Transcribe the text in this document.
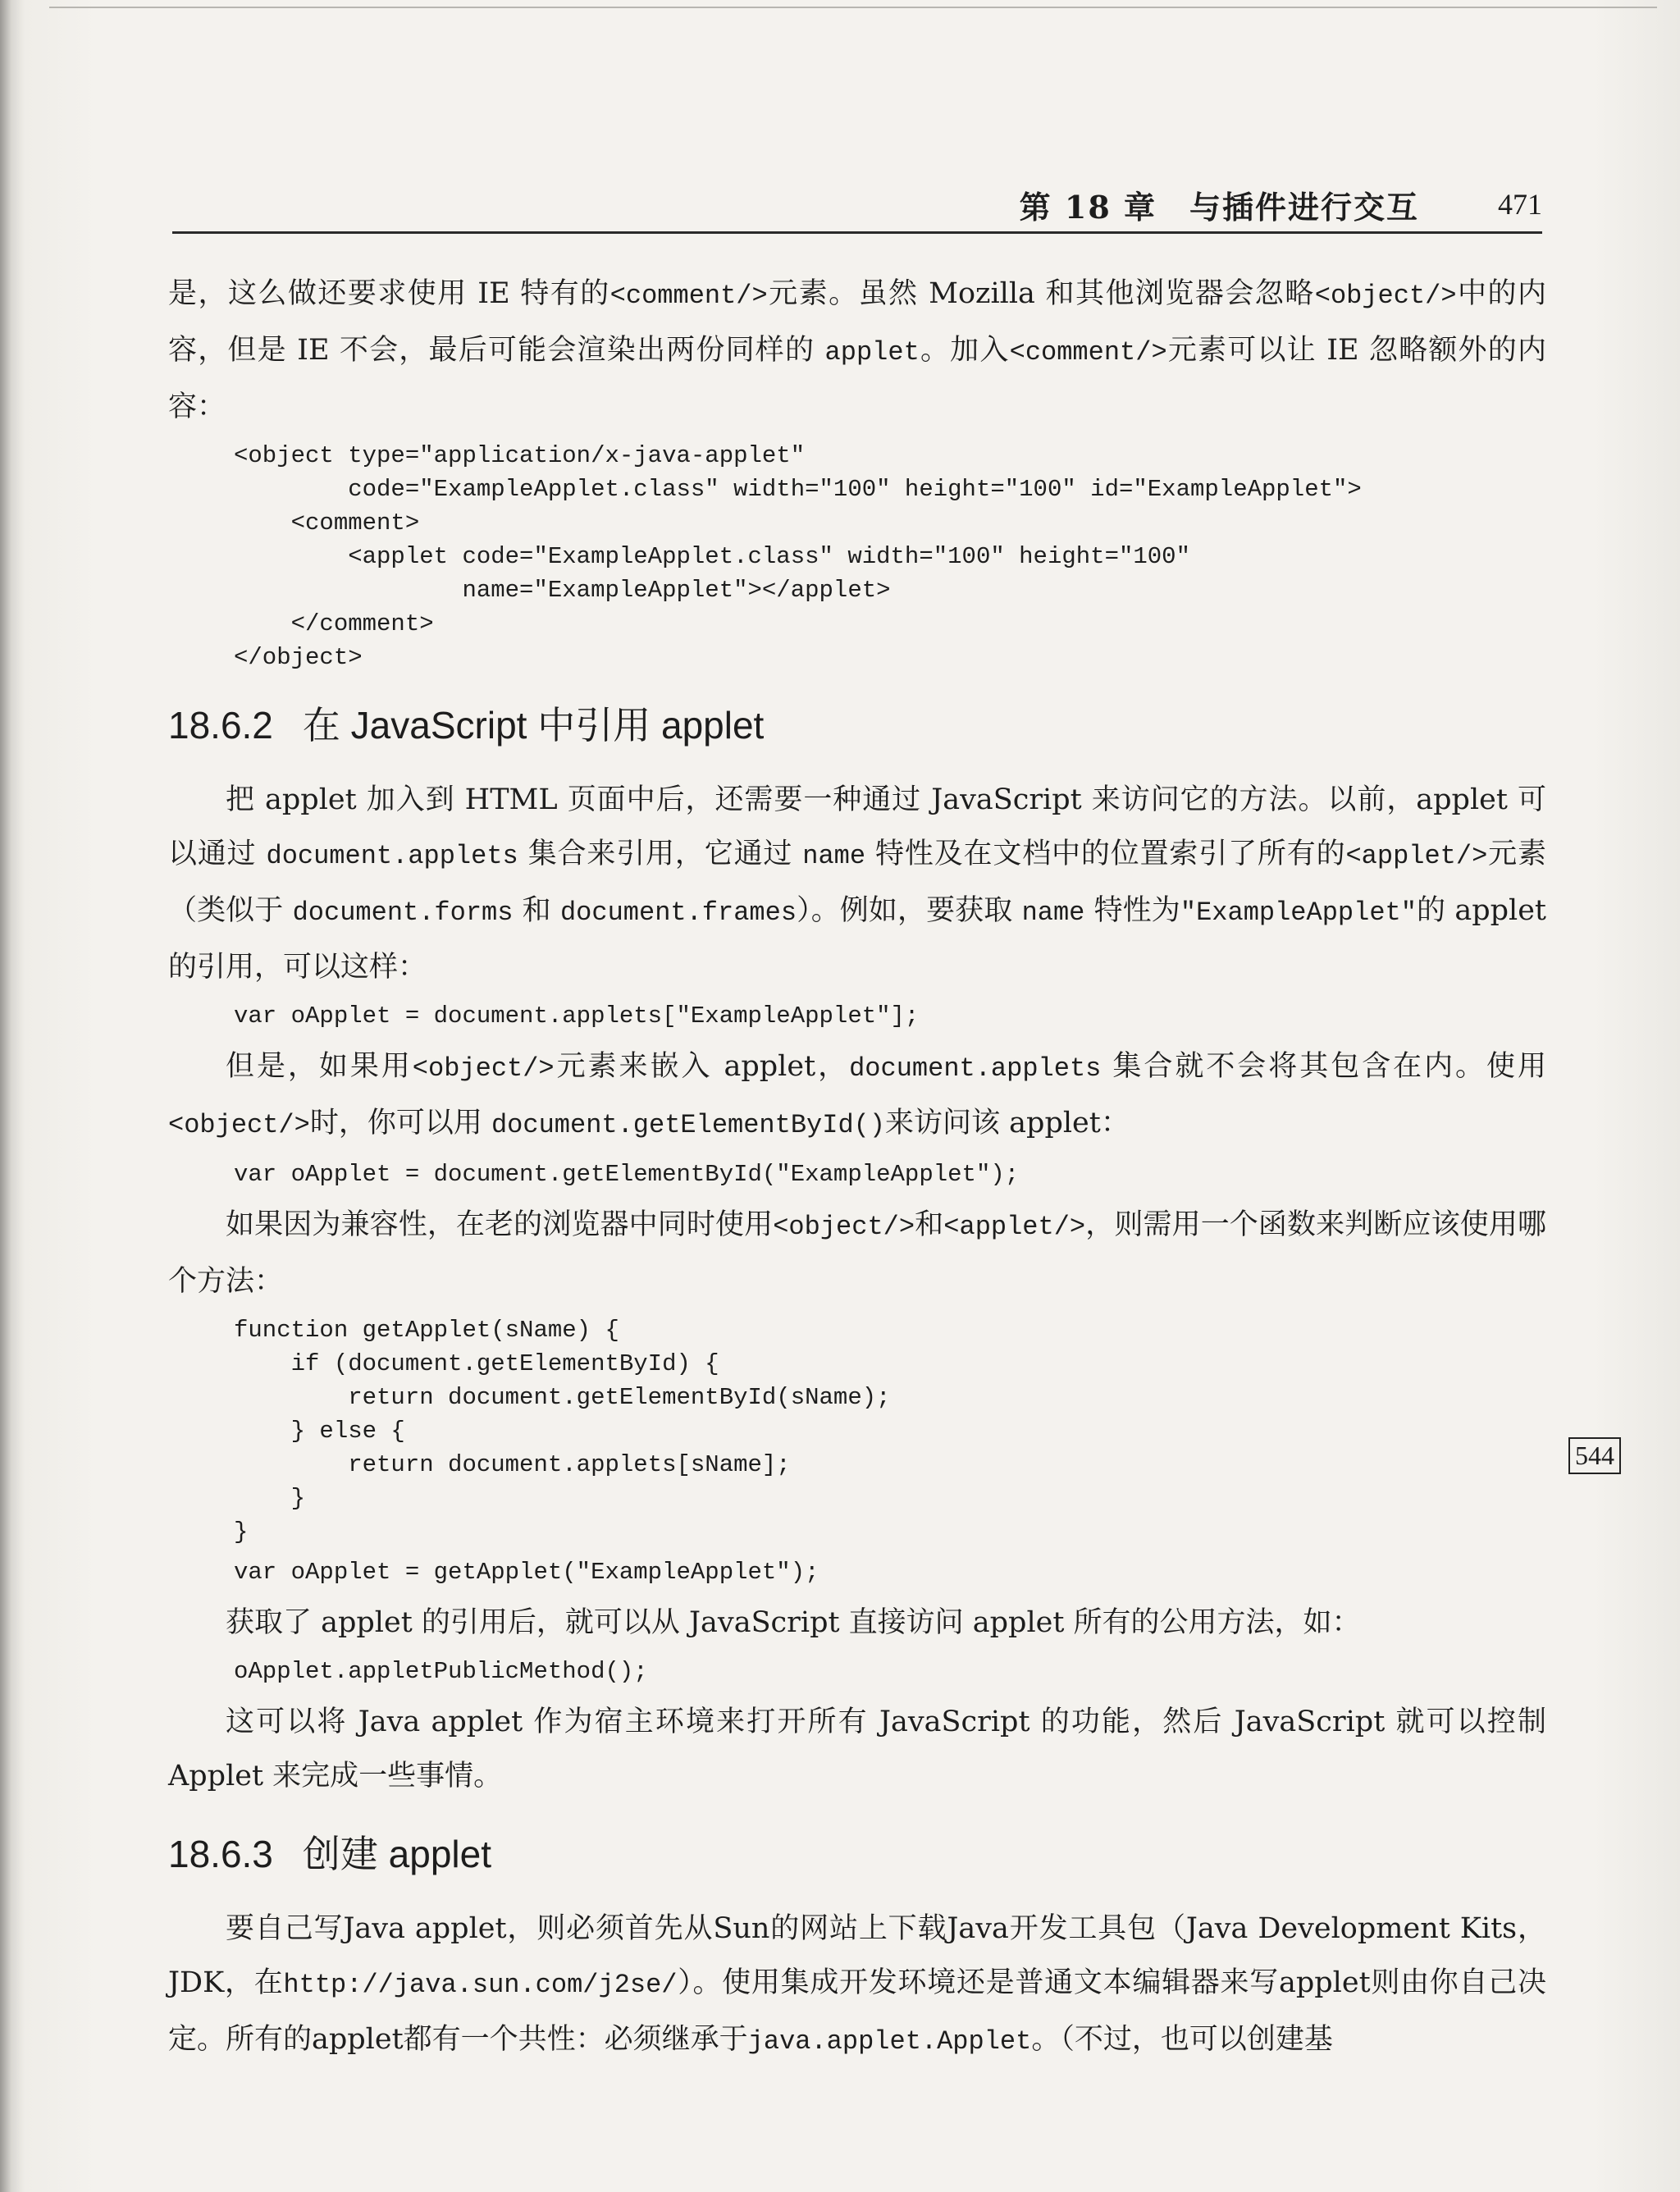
第 18 章　与插件进行交互	471
544

是，这么做还要求使用 IE 特有的<comment/>元素。虽然 Mozilla 和其他浏览器会忽略<object/>中的内容，但是 IE 不会，最后可能会渲染出两份同样的 applet。加入<comment/>元素可以让 IE 忽略额外的内容：

<object type="application/x-java-applet"
code="ExampleApplet.class" width="100" height="100" id="ExampleApplet">
<comment>
<applet code="ExampleApplet.class" width="100" height="100"
name="ExampleApplet"></applet>
</comment>
</object>
18.6.2 在 JavaScript 中引用 applet

把 applet 加入到 HTML 页面中后，还需要一种通过 JavaScript 来访问它的方法。以前，applet 可以通过 document.applets 集合来引用，它通过 name 特性及在文档中的位置索引了所有的<applet/>元素（类似于 document.forms 和 document.frames）。例如，要获取 name 特性为"ExampleApplet"的 applet 的引用，可以这样：

var oApplet = document.applets["ExampleApplet"];

但是，如果用<object/>元素来嵌入 applet，document.applets 集合就不会将其包含在内。使用<object/>时，你可以用 document.getElementById()来访问该 applet：

var oApplet = document.getElementById("ExampleApplet");

如果因为兼容性，在老的浏览器中同时使用<object/>和<applet/>，则需用一个函数来判断应该使用哪个方法：

function getApplet(sName) {
if (document.getElementById) {
return document.getElementById(sName);
} else {
return document.applets[sName];
}
}
var oApplet = getApplet("ExampleApplet");

获取了 applet 的引用后，就可以从 JavaScript 直接访问 applet 所有的公用方法，如：

oApplet.appletPublicMethod();

这可以将 Java applet 作为宿主环境来打开所有 JavaScript 的功能，然后 JavaScript 就可以控制 Applet 来完成一些事情。

18.6.3 创建 applet

要自己写Java applet，则必须首先从Sun的网站上下载Java开发工具包（Java Development Kits，JDK，在http://java.sun.com/j2se/）。使用集成开发环境还是普通文本编辑器来写applet则由你自己决定。所有的applet都有一个共性：必须继承于java.applet.Applet。（不过，也可以创建基
